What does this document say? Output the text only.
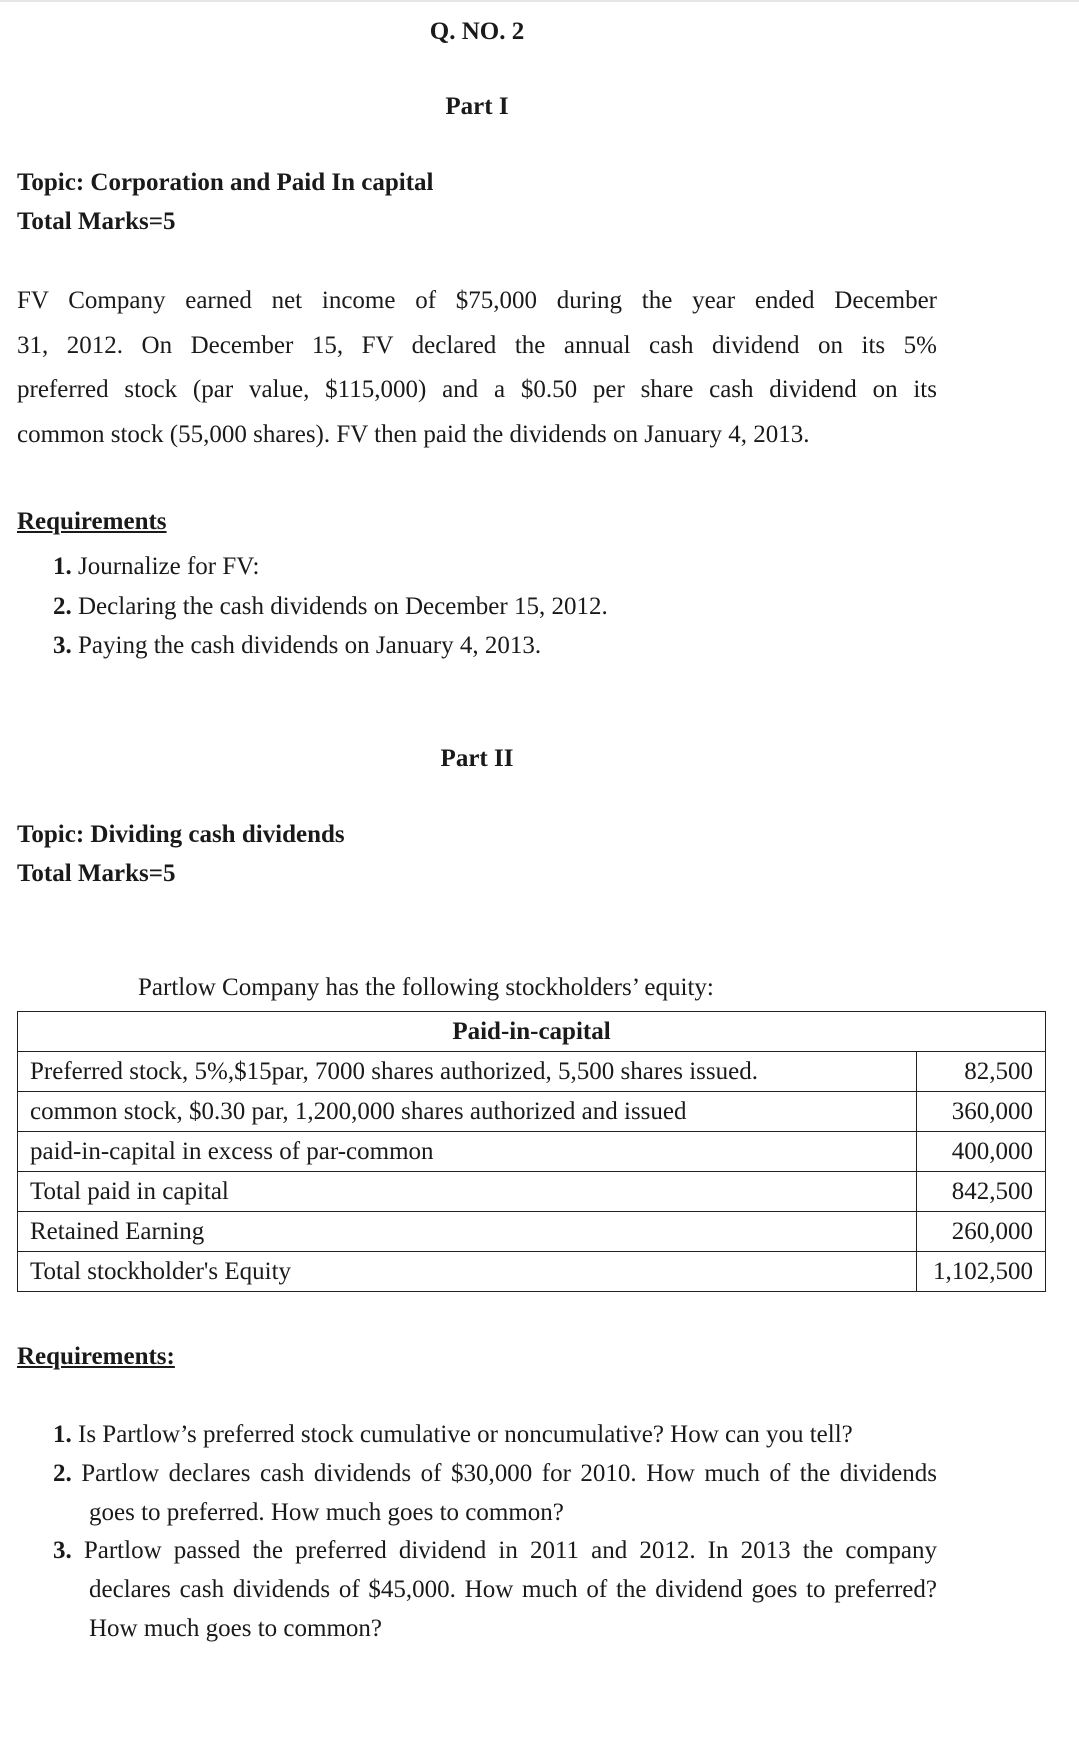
Q. NO. 2
Part I
Topic: Corporation and Paid In capital
Total Marks=5
FV Company earned net income of $75,000 during the year ended December
31, 2012. On December 15, FV declared the annual cash dividend on its 5%
preferred stock (par value, $115,000) and a $0.50 per share cash dividend on its
common stock (55,000 shares). FV then paid the dividends on January 4, 2013.
Requirements
1. Journalize for FV:
2. Declaring the cash dividends on December 15, 2012.
3. Paying the cash dividends on January 4, 2013.
Part II
Topic: Dividing cash dividends
Total Marks=5
Partlow Company has the following stockholders’ equity:
Paid-in-capital	
Preferred stock, 5%,$15par, 7000 shares authorized, 5,500 shares issued.	82,500
common stock, $0.30 par, 1,200,000 shares authorized and issued	360,000
paid-in-capital in excess of par-common	400,000
Total paid in capital	842,500
Retained Earning	260,000
Total stockholder's Equity	1,102,500
Requirements:
1. Is Partlow’s preferred stock cumulative or noncumulative? How can you tell?
2. Partlow declares cash dividends of $30,000 for 2010. How much of the dividends goes to preferred. How much goes to common?
3. Partlow passed the preferred dividend in 2011 and 2012. In 2013 the company declares cash dividends of $45,000. How much of the dividend goes to preferred? How much goes to common?
